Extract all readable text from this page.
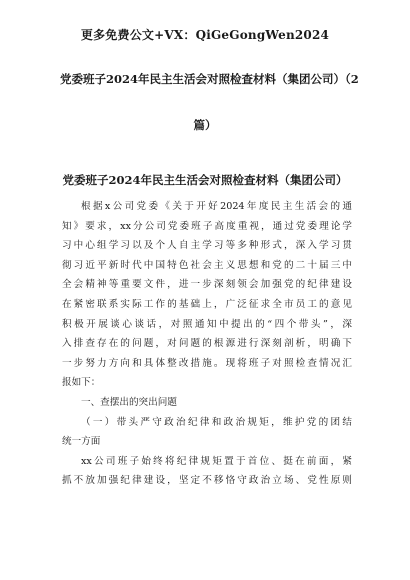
更多免费公文+VX：QiGeGongWen2024
党委班子2024年民主生活会对照检查材料（集团公司）（2
篇）
党委班子2024年民主生活会对照检查材料（集团公司）
根据x公司党委《关于开好2024年度民主生活会的通
知》要求，xx分公司党委班子高度重视，通过党委理论学
习中心组学习以及个人自主学习等多种形式，深入学习贯
彻习近平新时代中国特色社会主义思想和党的二十届三中
全会精神等重要文件，进一步深刻领会加强党的纪律建设
在紧密联系实际工作的基础上，广泛征求全市员工的意见
积极开展谈心谈话，对照通知中提出的“四个带头”，深
入排查存在的问题，对问题的根源进行深刻剖析，明确下
一步努力方向和具体整改措施。现将班子对照检查情况汇
报如下：
一、查摆出的突出问题
（一）带头严守政治纪律和政治规矩，维护党的团结
统一方面
xx公司班子始终将纪律规矩置于首位、挺在前面，紧
抓不放加强纪律建设，坚定不移恪守政治立场、党性原则
